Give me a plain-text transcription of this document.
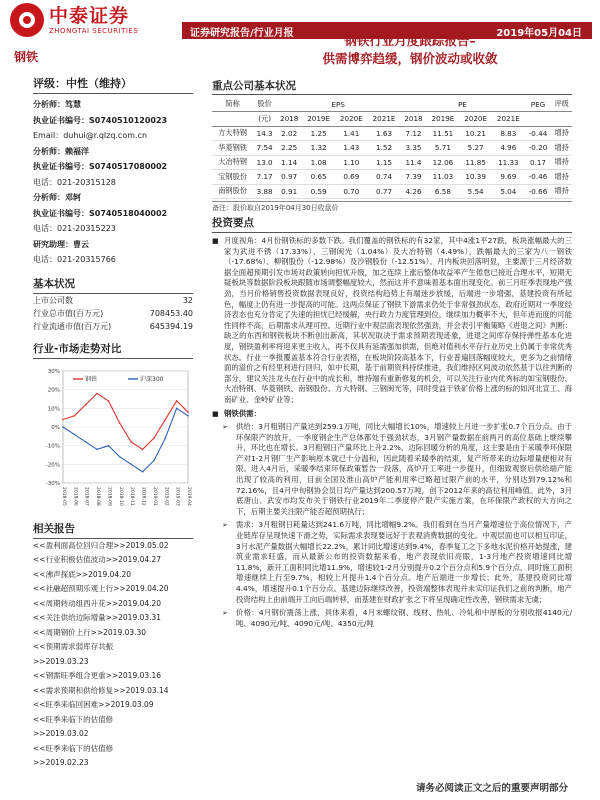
中泰证券
ZHONGTAI SECURITIES	证券研究报告/行业月报	2019年05月04日
钢铁
钢铁行业月度跟踪报告–
供需博弈趋缓，钢价波动或收敛
评级：中性（维持）
分析师：笃慧
执业证书编号：S0740510120023
Email：duhui@r.qlzq.com.cn
分析师：赖福洋
执业证书编号：S0740517080002
电话：021-20315128
分析师：邓轲
执业证书编号：S0740518040002
电话：021-20315223
研究助理：曹云
电话：021-20315766
基本状况
上市公司数	32
行业总市值(百万元)	708453.40
行业流通市值(百万元)	645394.19
行业-市场走势对比
30%
20%
10%
0%
-10%
-20%
-30%
2018-05 2018-06 2018-07 2018-08 2018-09 2018-10 2018-11 2018-12 2019-01 2019-02 2019-03 2019-04
钢铁	沪深300
相关报告
<<盈利面高位回归合理>>2019.05.02
<<行业积极估值波动>>2019.04.27
<<沸声探底>>2019.04.20
<<社融超预期乐观上行>>2019.04.20
<<周期转动组西升花>>2019.04.20
<<关注供给边际增量>>2019.03.31
<<周期钢价上行>>2019.03.30
<<预期需求弱库存共振
>>2019.03.23
<<钢需旺季组合更重>>2019.03.16
<<需求预期和供给修复>>2019.03.14
<<旺季来临回困难>>2019.03.09
<<旺季来临下的估值修
>>2019.03.02
<<旺季来临下的估值修
>>2019.02.23
重点公司基本状况
简称	股价	EPS				PE				PEG	评级
	(元)	2018	2019E	2020E	2021E	2018	2019E	2020E	2021E		
方大特钢	14.3	2.02	1.25	1.41	1.63	7.12	11.51	10.21	8.83	-0.44	增持
华菱钢铁	7.54	2.25	1.32	1.43	1.52	3.35	5.71	5.27	4.96	-0.20	增持
大冶特钢	13.0	1.14	1.08	1.10	1.15	11.4	12.06	11.85	11.33	0.17	增持
宝钢股份	7.17	0.97	0.65	0.69	0.74	7.39	11.03	10.39	9.69	-0.46	增持
南钢股份	3.88	0.91	0.59	0.70	0.77	4.26	6.58	5.54	5.04	-0.66	增持
备注：股价取自2019年04月30日收盘价
投资要点
■ 月度视角：4月份钢铁标的多数下跌。我们覆盖的钢铁标的有32家，其中4涨1平27跌，板块涨幅最大的三家为武进不锈（17.33%）、三钢闽光（1.04%）及大冶特钢（4.49%），跌幅最大的三家为八一钢铁（-17.68%）、柳钢股份（-12.98%）及沙钢股份（-12.51%）。月内板块回落明显，主要源于三月经济数据全面超预期引发市场对政策转向担忧升级，加之连续上涨后整体收益率产生倦怠已接近合理水平，短期无疑板块等数据阶段板块跟随市场调整幅度较大，然而这并不意味着基本面出现变化。前三月旺季表现地产强劲，当月价格销售投资数据表现良好，投资结构趋势上有端迷步放缓，后端进一步增强，基建投资有所起色，幅度上仍有进一步提高的可能。这两点保证了钢铁下游需求仍处于非常强劲状态，政府近期对一季度经济表态也充分肯定了失速的担忧已经缓解，央行政力力度管理到位，继续加力概率不大，但年进而度的可能性同样不高，后期需求从理可控。近期行业中观层面表现依然强劲，并会表引平衡策略《进退之间》判断：缺乏的东西和钢铁板块不断创出新高，其状况取决于需求预期表现迹象，进退之间库存保持弹性基本化进度，钢铁盈利率将迎来更主收入，再不仅具有延需强加供需，但绝对值利水平存行业历史上仍属于非常优秀状态。行业一季报覆盖基本符合行业表格，在板块阶段高基本下，行业普遍回落幅度较大，更多为之前情绪面的溢价之有经里利进行回归，如中长期，基于前期资料持续推进，我们维持区间波动依然基于以往判断的部分，建议关注龙头在行业中的成长和，维持端有重新修复的机会，可以关注行业内优秀标的如宝钢股份、大冶特钢、华菱钢铁、南钢股份、方大特钢、三钢闽光等，同时受益于铁矿价格上涨的标的如河北宣工、海南矿业、金岭矿业等；
■ 钢铁供需：
➢ 供给：3月粗钢日产量达到259.1万吨，同比大幅增长10%，增速较上月进一步扩张0.7个百分点。由于环保限产的放开，一季度钢企生产总体都处于强劲状态，3月钢产量数据在前两月的高位基础上继续攀升，环比也在增长。3月粗钢日产量环比上升2.2%，边际回暖分析的角度，这主要是由于采暖季环保限产对1-2月钢厂生产影响原本就已十分温和，因此随着采暖季的结束，复产所带来的边际增量便相对有限。进入4月后，采暖季结束环保政策暂告一段落，高炉开工率进一步提升，但细致观察后供给端产能出现了较高的利用，目前全国及淮山高炉产能利用率已略超过限产前的水平，分别达到79.12%和72.16%，且4月中旬钢协会员日均产量达到200.57万吨，创下2012年来的高位利用峰值。此外，3月底唐山、武安市均发布关于钢铁行业2019年二季度停产限产实施方案，在环保限产政权的大方向之下，后期主要关注限产能否超预期执行；
➢ 需求：3月粗钢日耗量达到241.6万吨，同比增幅9.2%。我们看到在当月产量增速位于高位情况下，产业链库存呈现快速下滑之势，实际需求表现要远好于表观消费数据的变化。中观层面也可以相互印证，3月水泥产量数据大幅增长22.2%，累计同比增速达到9.4%，春季复工之下多地水泥价格开始提涨，建筑业需求旺盛，而从最新公布的投资数据来看，地产表现依旧亮眼，1-3月地产投资增速同比增11.8%，新开工面积同比增11.9%，增速较1-2月分别提升0.2个百分点和5.9个百分点，同时施工面积增速继续上行至9.7%，相较上月提升1.4个百分点。地产后端进一步增长；此外，基建投资同比增4.4%，增速提升0.1个百分点。基建边际继续改善，投资端整体表现并未实印证我们之前的判断，地产投资结构上由前端开工向后端转移，而基建在财政扩张之下将呈现确定性改善，钢铁需求无虞；
➢ 价格：4月钢价震荡上涨，具体来看，4月末螺纹钢、线材、热轧、冷轧和中厚板的分别收报4140元/吨、4090元/吨、4090元/吨、4350元/吨
请务必阅读正文之后的重要声明部分
